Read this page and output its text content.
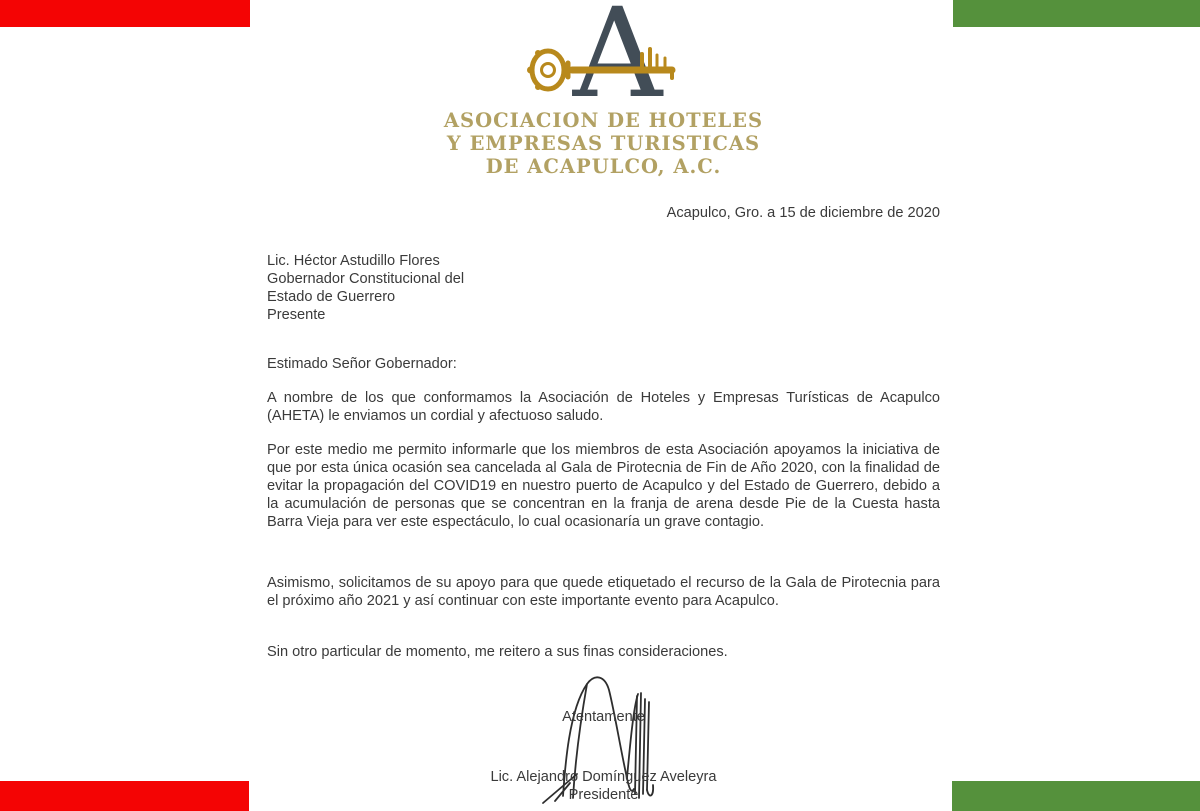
A
ASOCIACION DE HOTELES
Y EMPRESAS TURISTICAS
DE ACAPULCO, A.C.
Acapulco, Gro. a 15 de diciembre de 2020
Lic. Héctor Astudillo Flores
Gobernador Constitucional del
Estado de Guerrero
Presente
Estimado Señor Gobernador:

A nombre de los que conformamos la Asociación de Hoteles y Empresas Turísticas de Acapulco (AHETA) le enviamos un cordial y afectuoso saludo.

Por este medio me permito informarle que los miembros de esta Asociación apoyamos la iniciativa de que por esta única ocasión sea cancelada al Gala de Pirotecnia de Fin de Año 2020, con la finalidad de evitar la propagación del COVID19 en nuestro puerto de Acapulco y del Estado de Guerrero, debido a la acumulación de personas que se concentran en la franja de arena desde Pie de la Cuesta hasta Barra Vieja para ver este espectáculo, lo cual ocasionaría un grave contagio.

Asimismo, solicitamos de su apoyo para que quede etiquetado el recurso de la Gala de Pirotecnia para el próximo año 2021 y así continuar con este importante evento para Acapulco.

Sin otro particular de momento, me reitero a sus finas consideraciones.

Atentamente
Lic. Alejandro Domínguez Aveleyra
Presidente
